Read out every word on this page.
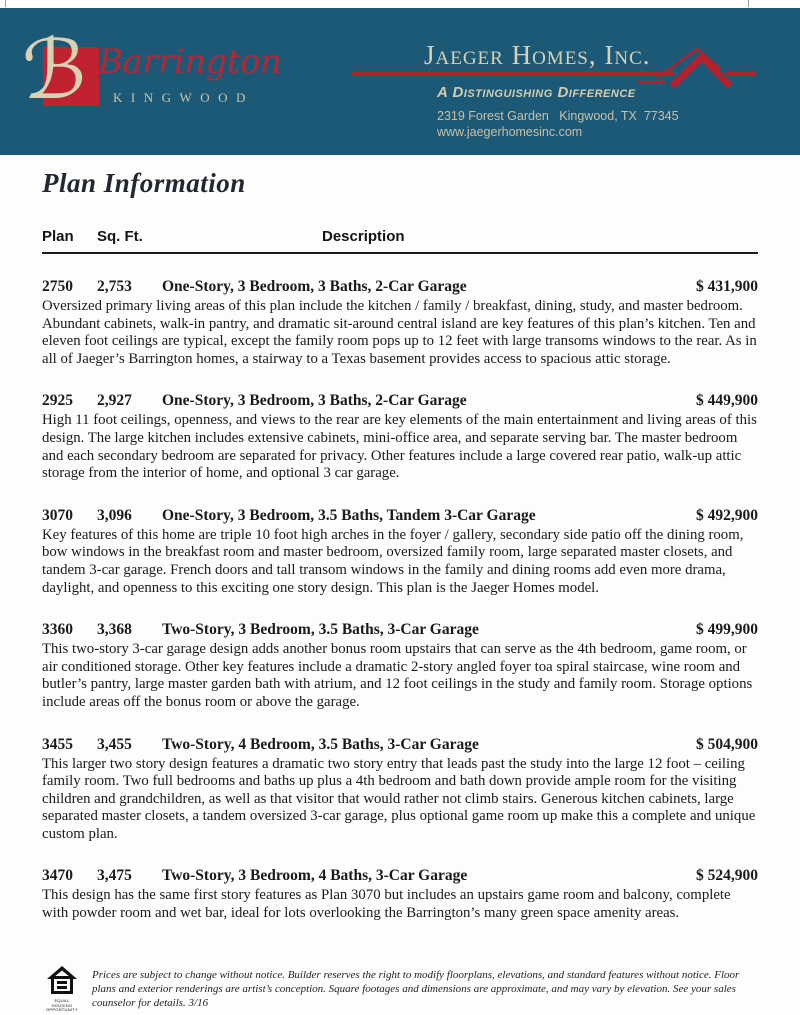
ℬ Barrington
KINGWOOD
Jaeger Homes, Inc.
A Distinguishing Difference
2319 Forest Garden   Kingwood, TX  77345
www.jaegerhomesinc.com
Plan Information
Plan	Sq. Ft.	Description
2750	2,753	One-Story, 3 Bedroom, 3 Baths, 2-Car Garage	$ 431,900

Oversized primary living areas of this plan include the kitchen / family / breakfast, dining, study, and master bedroom. Abundant cabinets, walk-in pantry, and dramatic sit-around central island are key features of this plan’s kitchen. Ten and eleven foot ceilings are typical, except the family room pops up to 12 feet with large transoms windows to the rear. As in all of Jaeger’s Barrington homes, a stairway to a Texas basement provides access to spacious attic storage.

2925	2,927	One-Story, 3 Bedroom, 3 Baths, 2-Car Garage	$ 449,900

High 11 foot ceilings, openness, and views to the rear are key elements of the main entertainment and living areas of this design. The large kitchen includes extensive cabinets, mini-office area, and separate serving bar. The master bedroom and each secondary bedroom are separated for privacy. Other features include a large covered rear patio, walk-up attic storage from the interior of home, and optional 3 car garage.

3070	3,096	One-Story, 3 Bedroom, 3.5 Baths, Tandem 3-Car Garage	$ 492,900

Key features of this home are triple 10 foot high arches in the foyer / gallery, secondary side patio off the dining room, bow windows in the breakfast room and master bedroom, oversized family room, large separated master closets, and tandem 3-car garage. French doors and tall transom windows in the family and dining rooms add even more drama, daylight, and openness to this exciting one story design. This plan is the Jaeger Homes model.

3360	3,368	Two-Story, 3 Bedroom, 3.5 Baths, 3-Car Garage	$ 499,900

This two-story 3-car garage design adds another bonus room upstairs that can serve as the 4th bedroom, game room, or air conditioned storage. Other key features include a dramatic 2-story angled foyer toa spiral staircase, wine room and butler’s pantry, large master garden bath with atrium, and 12 foot ceilings in the study and family room. Storage options include areas off the bonus room or above the garage.

3455	3,455	Two-Story, 4 Bedroom, 3.5 Baths, 3-Car Garage	$ 504,900

This larger two story design features a dramatic two story entry that leads past the study into the large 12 foot – ceiling family room. Two full bedrooms and baths up plus a 4th bedroom and bath down provide ample room for the visiting children and grandchildren, as well as that visitor that would rather not climb stairs. Generous kitchen cabinets, large separated master closets, a tandem oversized 3-car garage, plus optional game room up make this a complete and unique custom plan.

3470	3,475	Two-Story, 3 Bedroom, 4 Baths, 3-Car Garage	$ 524,900

This design has the same first story features as Plan 3070 but includes an upstairs game room and balcony, complete with powder room and wet bar, ideal for lots overlooking the Barrington’s many green space amenity areas.

EQUAL HOUSING OPPORTUNITY

Prices are subject to change without notice. Builder reserves the right to modify floorplans, elevations, and standard features without notice. Floor plans and exterior renderings are artist’s conception. Square footages and dimensions are approximate, and may vary by elevation. See your sales counselor for details. 3/16
